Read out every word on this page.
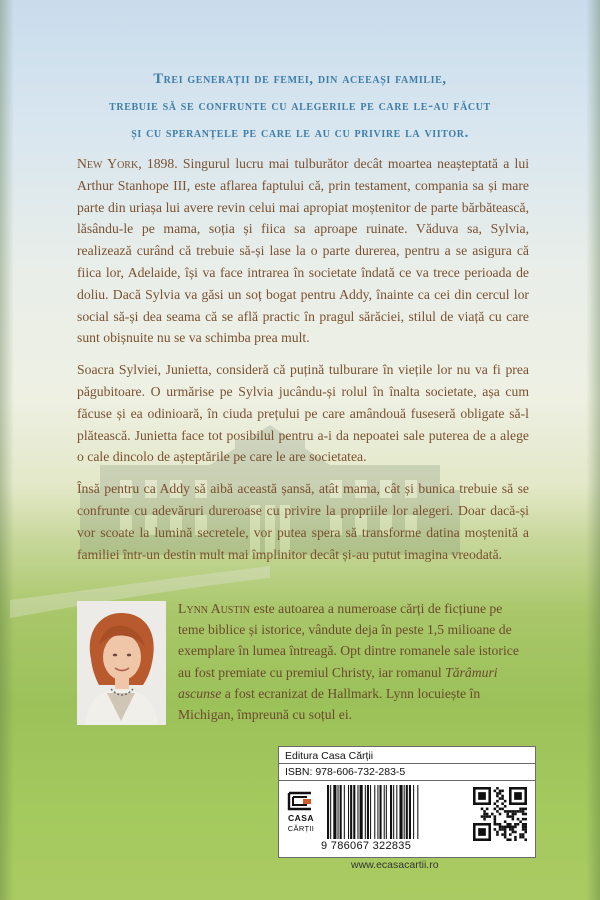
Trei generații de femei, din aceeași familie,
trebuie să se confrunte cu alegerile pe care le-au făcut
și cu speranțele pe care le au cu privire la viitor.

New York, 1898. Singurul lucru mai tulburător decât moartea neașteptată a lui Arthur Stanhope III, este aflarea faptului că, prin testament, compania sa și mare parte din uriașa lui avere revin celui mai apropiat moștenitor de parte bărbătească, lăsându-le pe mama, soția și fiica sa aproape ruinate. Văduva sa, Sylvia, realizează curând că trebuie să-și lase la o parte durerea, pentru a se asigura că fiica lor, Adelaide, își va face intrarea în societate îndată ce va trece perioada de doliu. Dacă Sylvia va găsi un soț bogat pentru Addy, înainte ca cei din cercul lor social să-și dea seama că se află practic în pragul sărăciei, stilul de viață cu care sunt obișnuite nu se va schimba prea mult.

Soacra Sylviei, Junietta, consideră că puțină tulburare în viețile lor nu va fi prea păgubitoare. O urmărise pe Sylvia jucându-și rolul în înalta societate, așa cum făcuse și ea odinioară, în ciuda prețului pe care amândouă fuseseră obligate să-l plătească. Junietta face tot posibilul pentru a-i da nepoatei sale puterea de a alege o cale dincolo de așteptările pe care le are societatea.

Însă pentru ca Addy să aibă această șansă, atât mama, cât și bunica trebuie să se confrunte cu adevăruri dureroase cu privire la propriile lor alegeri. Doar dacă-și vor scoate la lumină secretele, vor putea spera să transforme datina moștenită a familiei într-un destin mult mai împlinitor decât și-au putut imagina vreodată.

Lynn Austin este autoarea a numeroase cărți de ficțiune pe teme biblice și istorice, vândute deja în peste 1,5 milioane de exemplare în lumea întreagă. Opt dintre romanele sale istorice au fost premiate cu premiul Christy, iar romanul Tărâmuri ascunse a fost ecranizat de Hallmark. Lynn locuiește în Michigan, împreună cu soțul ei.

Editura Casa Cărții
ISBN: 978-606-732-283-5
CASA
CĂRȚII
9 786067 322835
www.ecasacartii.ro
